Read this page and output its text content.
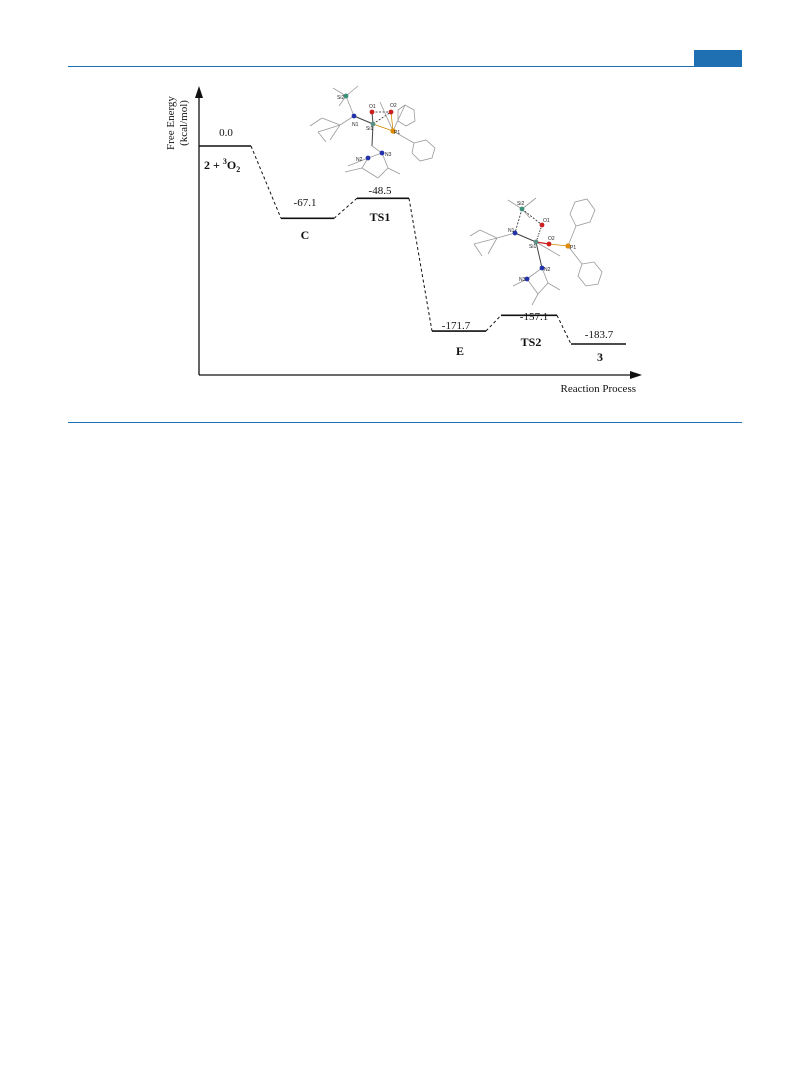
Free Energy (kcal/mol)
Reaction Process
0.0
-67.1
-48.5
-171.7
-157.1
-183.7
$2 + ^3O_2$
C
TS1
E
TS2
3
Si2
O1	O2
N1
Si1
P1
N2
N3
Si2
O1
N1
Si1
O2
P1
N2
N3
